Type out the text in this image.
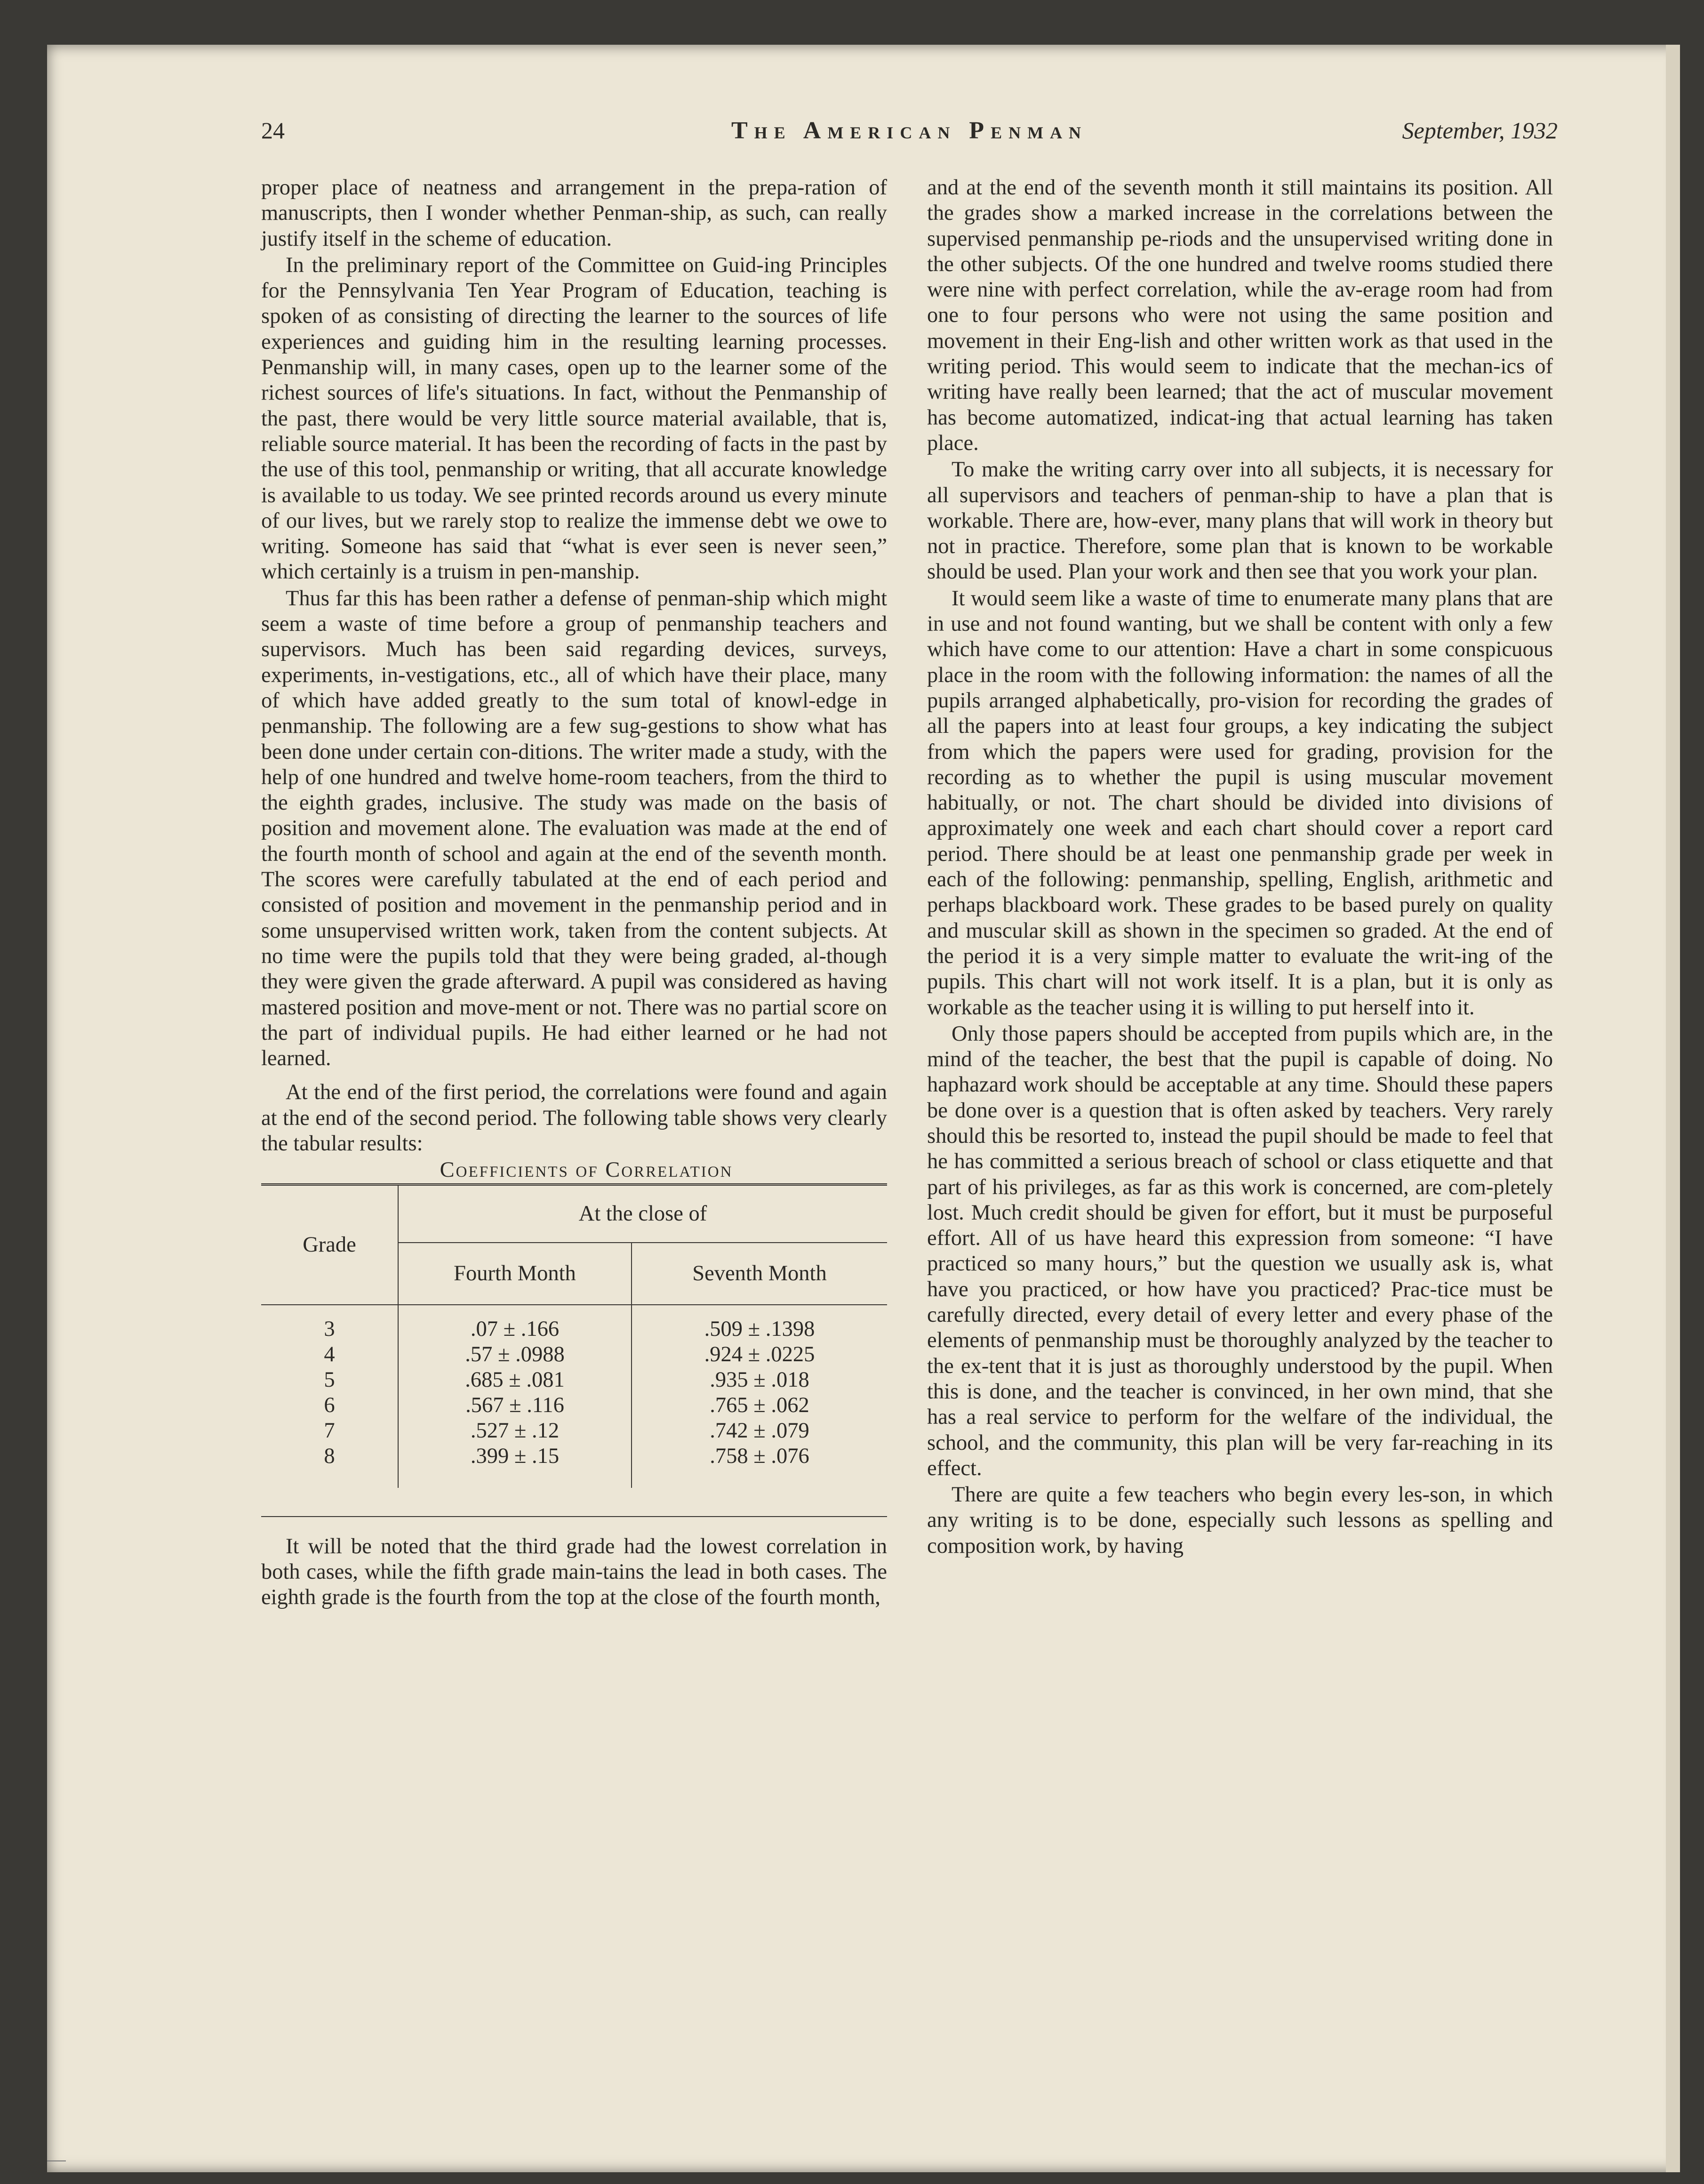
24	The American Penman	September, 1932

proper place of neatness and arrangement in the prepa-ration of manuscripts, then I wonder whether Penman-ship, as such, can really justify itself in the scheme of education.

In the preliminary report of the Committee on Guid-ing Principles for the Pennsylvania Ten Year Program of Education, teaching is spoken of as consisting of directing the learner to the sources of life experiences and guiding him in the resulting learning processes. Penmanship will, in many cases, open up to the learner some of the richest sources of life's situations. In fact, without the Penmanship of the past, there would be very little source material available, that is, reliable source material. It has been the recording of facts in the past by the use of this tool, penmanship or writing, that all accurate knowledge is available to us today. We see printed records around us every minute of our lives, but we rarely stop to realize the immense debt we owe to writing. Someone has said that “what is ever seen is never seen,” which certainly is a truism in pen-manship.

Thus far this has been rather a defense of penman-ship which might seem a waste of time before a group of penmanship teachers and supervisors. Much has been said regarding devices, surveys, experiments, in-vestigations, etc., all of which have their place, many of which have added greatly to the sum total of knowl-edge in penmanship. The following are a few sug-gestions to show what has been done under certain con-ditions. The writer made a study, with the help of one hundred and twelve home-room teachers, from the third to the eighth grades, inclusive. The study was made on the basis of position and movement alone. The evaluation was made at the end of the fourth month of school and again at the end of the seventh month. The scores were carefully tabulated at the end of each period and consisted of position and movement in the penmanship period and in some unsupervised written work, taken from the content subjects. At no time were the pupils told that they were being graded, al-though they were given the grade afterward. A pupil was considered as having mastered position and move-ment or not. There was no partial score on the part of individual pupils. He had either learned or he had not learned.

At the end of the first period, the correlations were found and again at the end of the second period. The following table shows very clearly the tabular results:

Coefficients of Correlation

Grade	At the close of	
	Fourth Month	Seventh Month

3	.07 ± .166	.509 ± .1398
4	.57 ± .0988	.924 ± .0225
5	.685 ± .081	.935 ± .018
6	.567 ± .116	.765 ± .062
7	.527 ± .12	.742 ± .079
8	.399 ± .15	.758 ± .076

It will be noted that the third grade had the lowest correlation in both cases, while the fifth grade main-tains the lead in both cases. The eighth grade is the fourth from the top at the close of the fourth month,

and at the end of the seventh month it still maintains its position. All the grades show a marked increase in the correlations between the supervised penmanship pe-riods and the unsupervised writing done in the other subjects. Of the one hundred and twelve rooms studied there were nine with perfect correlation, while the av-erage room had from one to four persons who were not using the same position and movement in their Eng-lish and other written work as that used in the writing period. This would seem to indicate that the mechan-ics of writing have really been learned; that the act of muscular movement has become automatized, indicat-ing that actual learning has taken place.

To make the writing carry over into all subjects, it is necessary for all supervisors and teachers of penman-ship to have a plan that is workable. There are, how-ever, many plans that will work in theory but not in practice. Therefore, some plan that is known to be workable should be used. Plan your work and then see that you work your plan.

It would seem like a waste of time to enumerate many plans that are in use and not found wanting, but we shall be content with only a few which have come to our attention: Have a chart in some conspicuous place in the room with the following information: the names of all the pupils arranged alphabetically, pro-vision for recording the grades of all the papers into at least four groups, a key indicating the subject from which the papers were used for grading, provision for the recording as to whether the pupil is using muscular movement habitually, or not. The chart should be divided into divisions of approximately one week and each chart should cover a report card period. There should be at least one penmanship grade per week in each of the following: penmanship, spelling, English, arithmetic and perhaps blackboard work. These grades to be based purely on quality and muscular skill as shown in the specimen so graded. At the end of the period it is a very simple matter to evaluate the writ-ing of the pupils. This chart will not work itself. It is a plan, but it is only as workable as the teacher using it is willing to put herself into it.

Only those papers should be accepted from pupils which are, in the mind of the teacher, the best that the pupil is capable of doing. No haphazard work should be acceptable at any time. Should these papers be done over is a question that is often asked by teachers. Very rarely should this be resorted to, instead the pupil should be made to feel that he has committed a serious breach of school or class etiquette and that part of his privileges, as far as this work is concerned, are com-pletely lost. Much credit should be given for effort, but it must be purposeful effort. All of us have heard this expression from someone: “I have practiced so many hours,” but the question we usually ask is, what have you practiced, or how have you practiced? Prac-tice must be carefully directed, every detail of every letter and every phase of the elements of penmanship must be thoroughly analyzed by the teacher to the ex-tent that it is just as thoroughly understood by the pupil. When this is done, and the teacher is convinced, in her own mind, that she has a real service to perform for the welfare of the individual, the school, and the community, this plan will be very far-reaching in its effect.

There are quite a few teachers who begin every les-son, in which any writing is to be done, especially such lessons as spelling and composition work, by having
